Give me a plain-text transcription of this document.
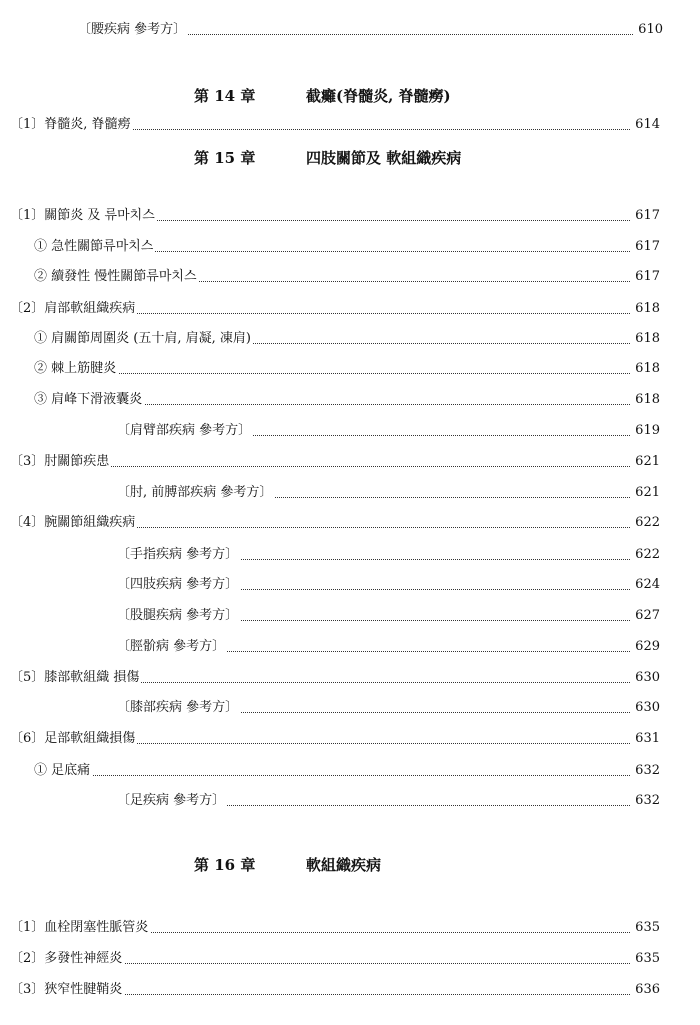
〔腰疾病 參考方〕	610
第 14 章	截癱(脊髓炎, 脊髓癆)
〔1〕脊髓炎, 脊髓癆	614
第 15 章	四肢關節及 軟組織疾病
〔1〕關節炎 及 류마치스	617
① 急性關節류마치스	617
② 續發性 慢性關節류마치스	617
〔2〕肩部軟組織疾病	618
① 肩關節周圍炎 (五十肩, 肩凝, 凍肩)	618
② 棘上筋腱炎	618
③ 肩峰下滑液囊炎	618
〔肩臂部疾病 參考方〕	619
〔3〕肘關節疾患	621
〔肘, 前膊部疾病 參考方〕	621
〔4〕腕關節組織疾病	622
〔手指疾病 參考方〕	622
〔四肢疾病 參考方〕	624
〔股腿疾病 參考方〕	627
〔脛骱病 參考方〕	629
〔5〕膝部軟組織 損傷	630
〔膝部疾病 參考方〕	630
〔6〕足部軟組織損傷	631
① 足底痛	632
〔足疾病 參考方〕	632
第 16 章	軟組織疾病
〔1〕血栓閉塞性脈管炎	635
〔2〕多發性神經炎	635
〔3〕狹窄性腱鞘炎	636
